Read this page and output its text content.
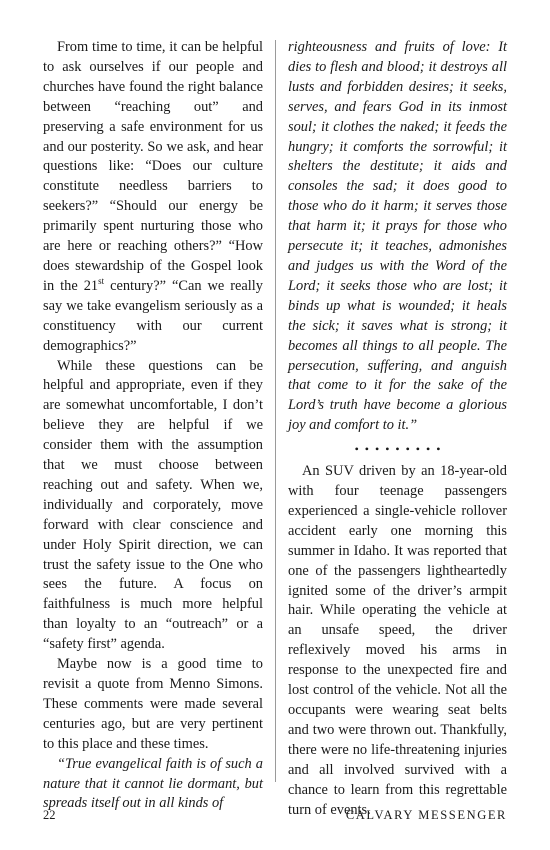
From time to time, it can be helpful to ask ourselves if our people and churches have found the right balance between “reaching out” and preserving a safe environment for us and our posterity. So we ask, and hear questions like: “Does our culture constitute needless barriers to seekers?” “Should our energy be primarily spent nurturing those who are here or reaching others?” “How does stewardship of the Gospel look in the 21st century?” “Can we really say we take evangelism seriously as a constituency with our current demographics?”

While these questions can be helpful and appropriate, even if they are somewhat uncomfortable, I don’t believe they are helpful if we consider them with the assumption that we must choose between reaching out and safety. When we, individually and corporately, move forward with clear conscience and under Holy Spirit direction, we can trust the safety issue to the One who sees the future. A focus on faithfulness is much more helpful than loyalty to an “outreach” or a “safety first” agenda.

Maybe now is a good time to revisit a quote from Menno Simons. These comments were made several centuries ago, but are very pertinent to this place and these times.

“True evangelical faith is of such a nature that it cannot lie dormant, but spreads itself out in all kinds of

righteousness and fruits of love: It dies to flesh and blood; it destroys all lusts and forbidden desires; it seeks, serves, and fears God in its inmost soul; it clothes the naked; it feeds the hungry; it comforts the sorrowful; it shelters the destitute; it aids and consoles the sad; it does good to those who do it harm; it serves those that harm it; it prays for those who persecute it; it teaches, admonishes and judges us with the Word of the Lord; it seeks those who are lost; it binds up what is wounded; it heals the sick; it saves what is strong; it becomes all things to all people. The persecution, suffering, and anguish that come to it for the sake of the Lord’s truth have become a glorious joy and comfort to it.”

•••••••••

An SUV driven by an 18-year-old with four teenage passengers experienced a single-vehicle rollover accident early one morning this summer in Idaho. It was reported that one of the passengers lightheartedly ignited some of the driver’s armpit hair. While operating the vehicle at an unsafe speed, the driver reflexively moved his arms in response to the unexpected fire and lost control of the vehicle. Not all the occupants were wearing seat belts and two were thrown out. Thankfully, there were no life-threatening injuries and all involved survived with a chance to learn from this regrettable turn of events.

22	CALVARY MESSENGER
